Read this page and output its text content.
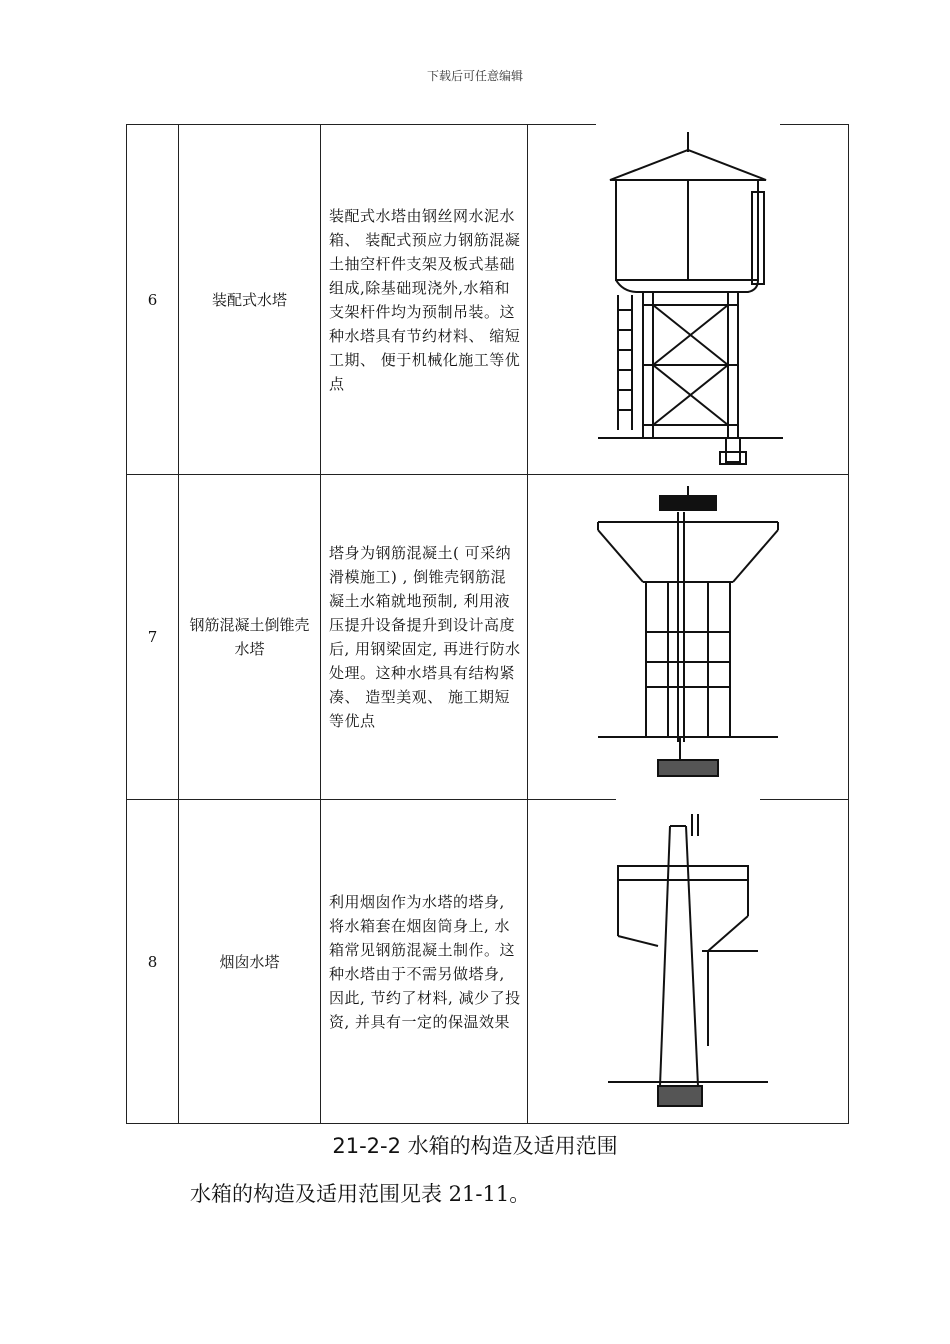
下载后可任意编辑
6	装配式水塔	装配式水塔由钢丝网水泥水箱、 装配式预应力钢筋混凝土抽空杆件支架及板式基础组成,除基础现浇外,水箱和支架杆件均为预制吊装。这种水塔具有节约材料、 缩短工期、 便于机械化施工等优点	

7	钢筋混凝土倒锥壳水塔	塔身为钢筋混凝土( 可采纳滑模施工) , 倒锥壳钢筋混凝土水箱就地预制, 利用液压提升设备提升到设计高度后, 用钢梁固定, 再进行防水处理。这种水塔具有结构紧凑、 造型美观、 施工期短等优点	

8	烟囱水塔	利用烟囱作为水塔的塔身, 将水箱套在烟囱筒身上, 水箱常见钢筋混凝土制作。这种水塔由于不需另做塔身, 因此, 节约了材料, 减少了投资, 并具有一定的保温效果	
21-2-2 水箱的构造及适用范围
水箱的构造及适用范围见表 21-11。
